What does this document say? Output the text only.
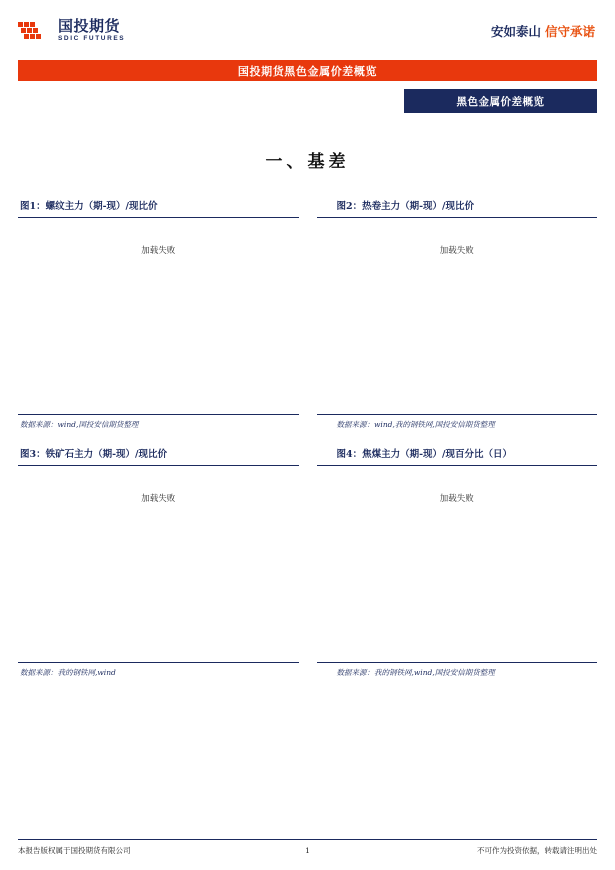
国投期货
SDIC FUTURES	安如泰山 信守承诺
国投期货黑色金属价差概览
黑色金属价差概览
一、基差
图1：螺纹主力（期-现）/现比价
加载失败
数据来源：wind,国投安信期货整理
图2：热卷主力（期-现）/现比价
加载失败
数据来源：wind,我的钢铁网,国投安信期货整理
图3：铁矿石主力（期-现）/现比价
加载失败
数据来源：我的钢铁网,wind
图4：焦煤主力（期-现）/现百分比（日）
加载失败
数据来源：我的钢铁网,wind,国投安信期货整理
本报告版权属于国投期货有限公司	1	不可作为投资依据，转载请注明出处
